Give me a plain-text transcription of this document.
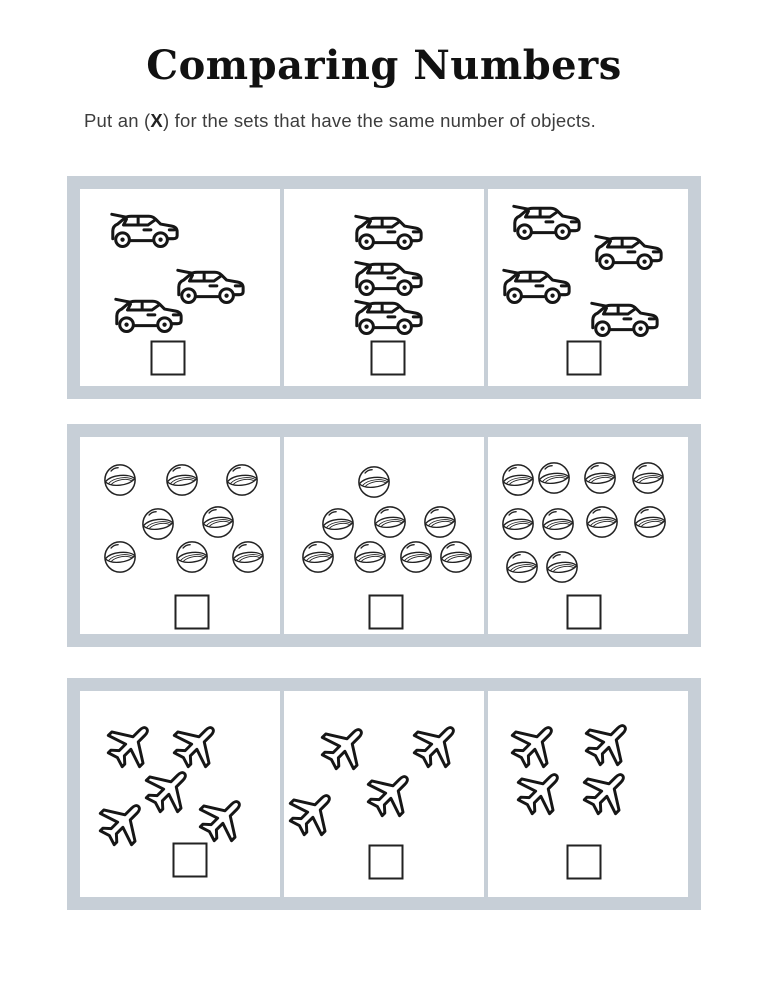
Comparing Numbers

Put an (X) for the sets that have the same number of objects.
